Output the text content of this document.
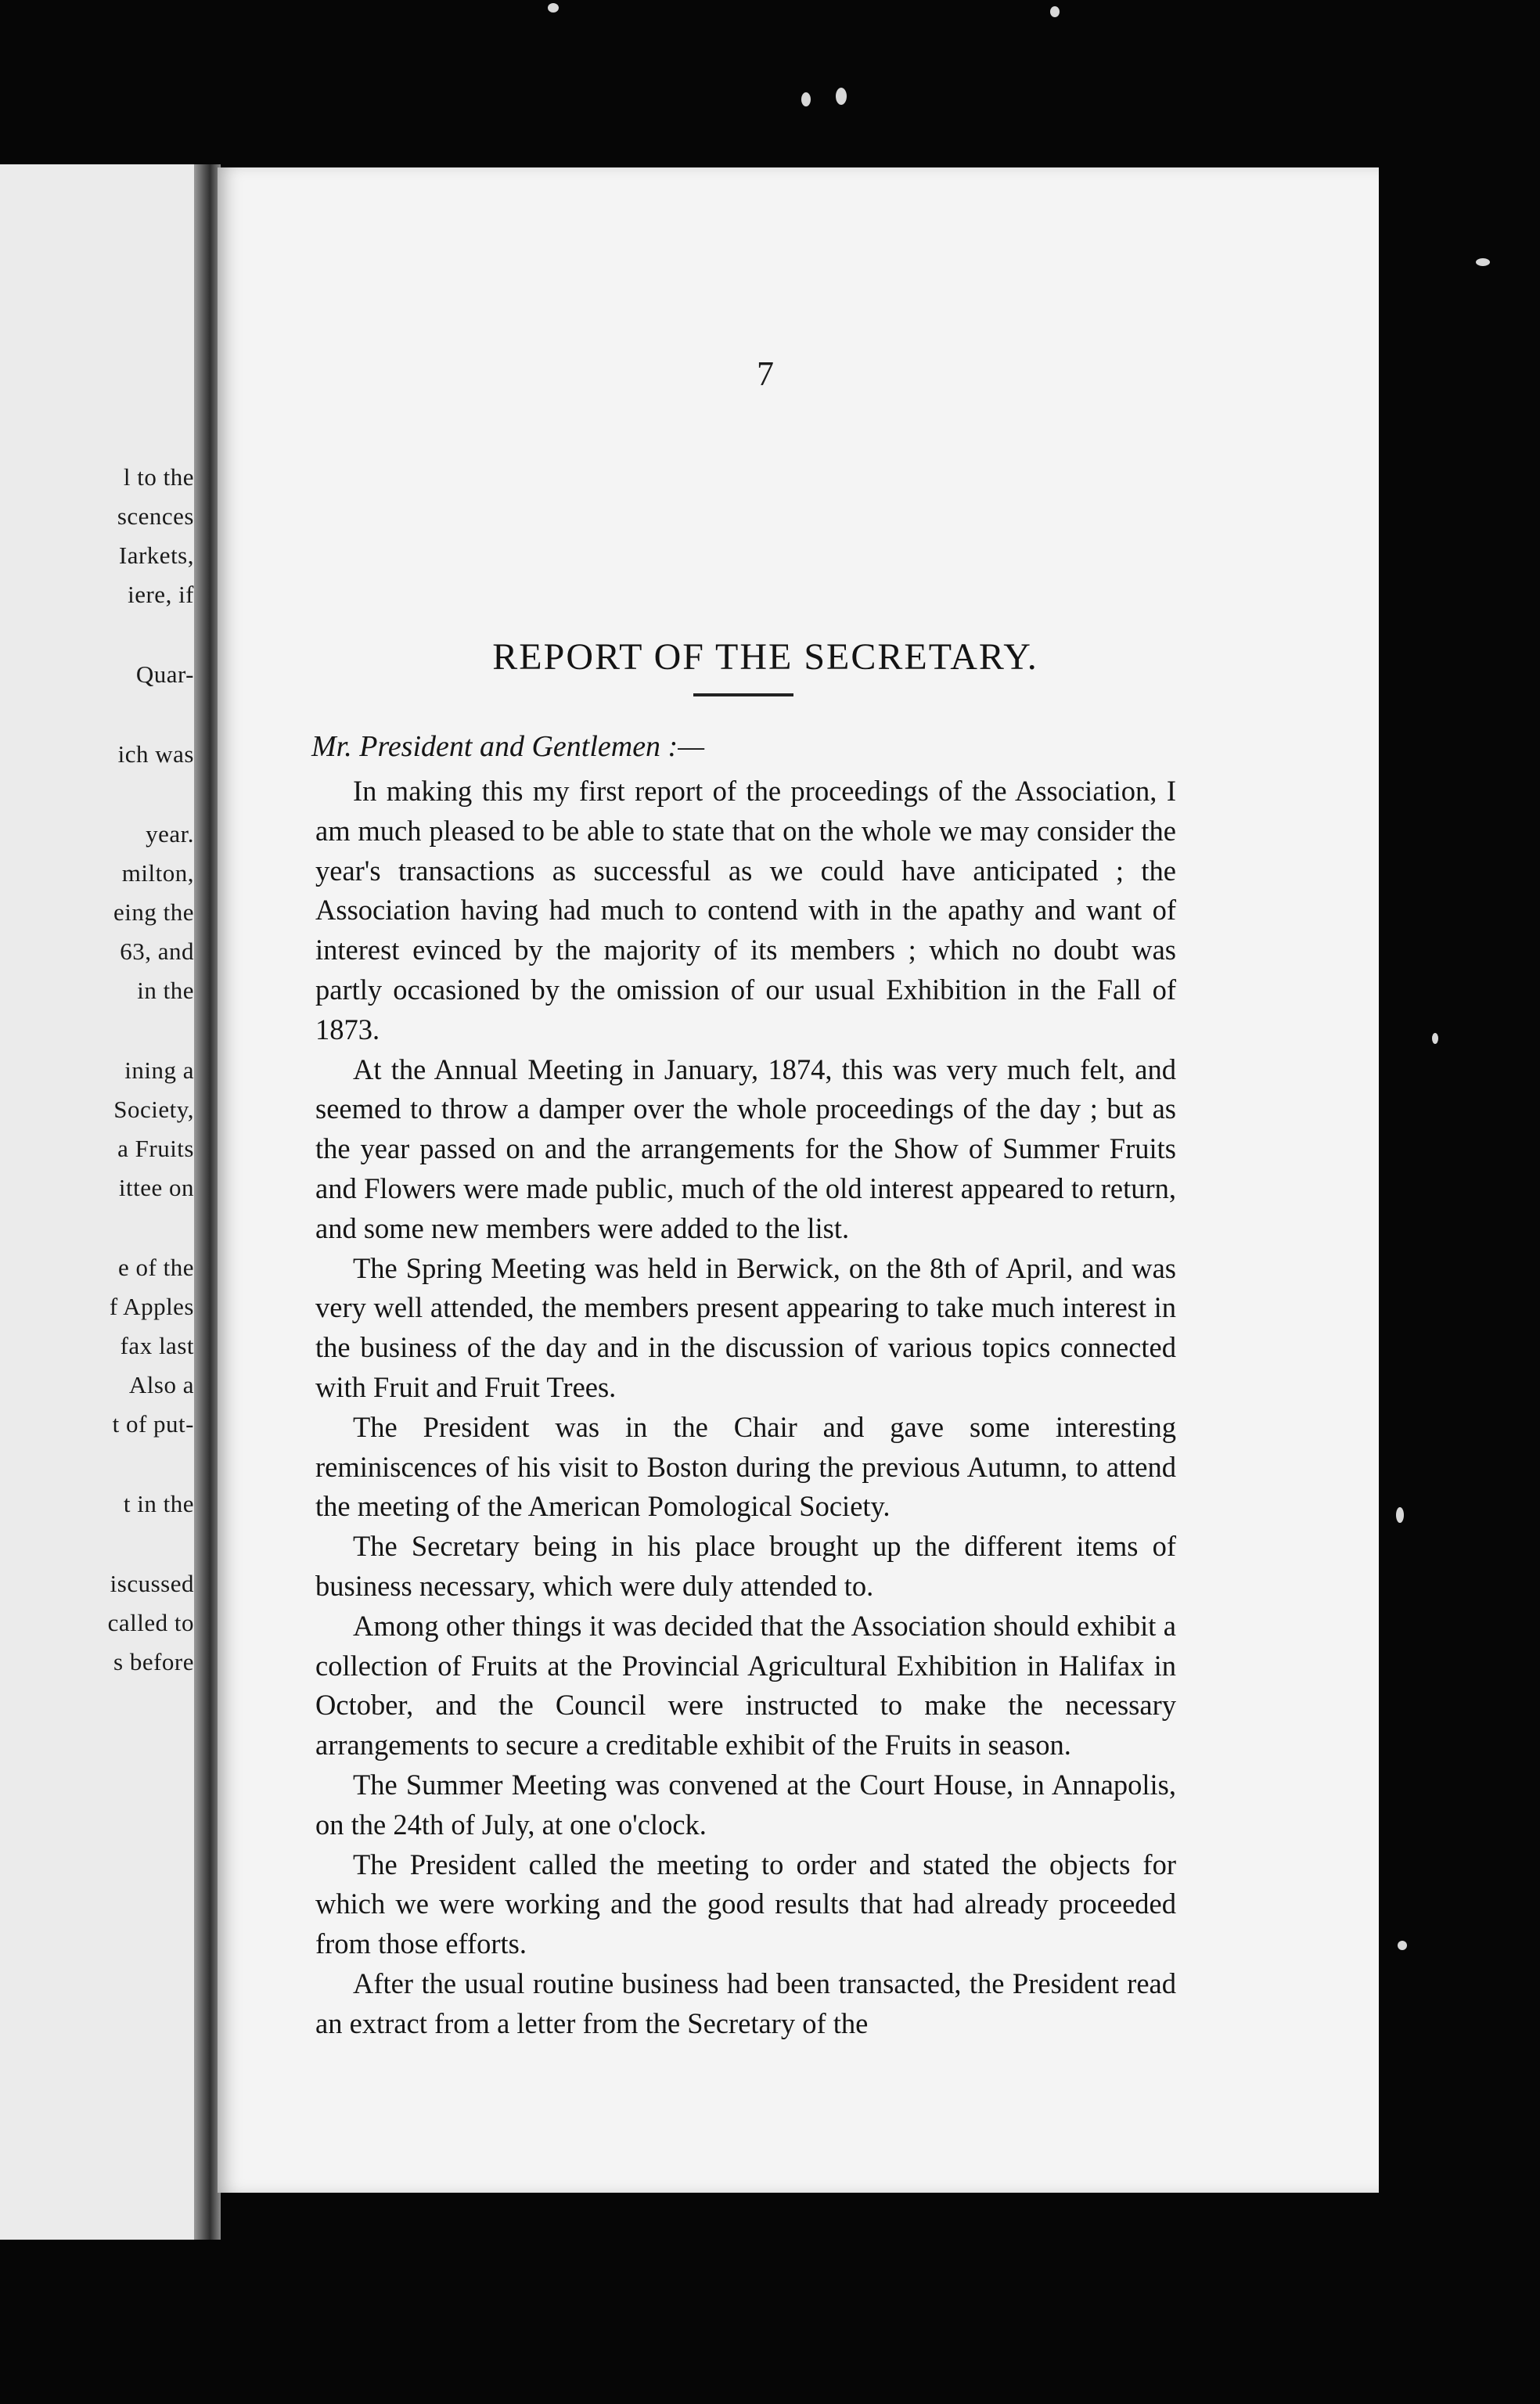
l to the
scences
Iarkets,
iere, if
Quar-
ich was
year.
milton,
eing the
63, and
in the
ining a
Society,
a Fruits
ittee on
e of the
f Apples
fax last
Also a
t of put-
t in the
iscussed
called to
s before
7
REPORT OF THE SECRETARY.
Mr. President and Gentlemen :—

In making this my first report of the proceedings of the Association, I am much pleased to be able to state that on the whole we may consider the year's transactions as successful as we could have anticipated ; the Association having had much to contend with in the apathy and want of interest evinced by the majority of its members ; which no doubt was partly occasioned by the omission of our usual Exhibition in the Fall of 1873.

At the Annual Meeting in January, 1874, this was very much felt, and seemed to throw a damper over the whole proceedings of the day ; but as the year passed on and the arrangements for the Show of Summer Fruits and Flowers were made public, much of the old interest appeared to return, and some new members were added to the list.

The Spring Meeting was held in Berwick, on the 8th of April, and was very well attended, the members present appearing to take much interest in the business of the day and in the discussion of various topics connected with Fruit and Fruit Trees.

The President was in the Chair and gave some interesting reminiscences of his visit to Boston during the previous Autumn, to attend the meeting of the American Pomological Society.

The Secretary being in his place brought up the different items of business necessary, which were duly attended to.

Among other things it was decided that the Association should exhibit a collection of Fruits at the Provincial Agricultural Exhibition in Halifax in October, and the Council were instructed to make the necessary arrangements to secure a creditable exhibit of the Fruits in season.

The Summer Meeting was convened at the Court House, in Annapolis, on the 24th of July, at one o'clock.

The President called the meeting to order and stated the objects for which we were working and the good results that had already proceeded from those efforts.

After the usual routine business had been transacted, the President read an extract from a letter from the Secretary of the
